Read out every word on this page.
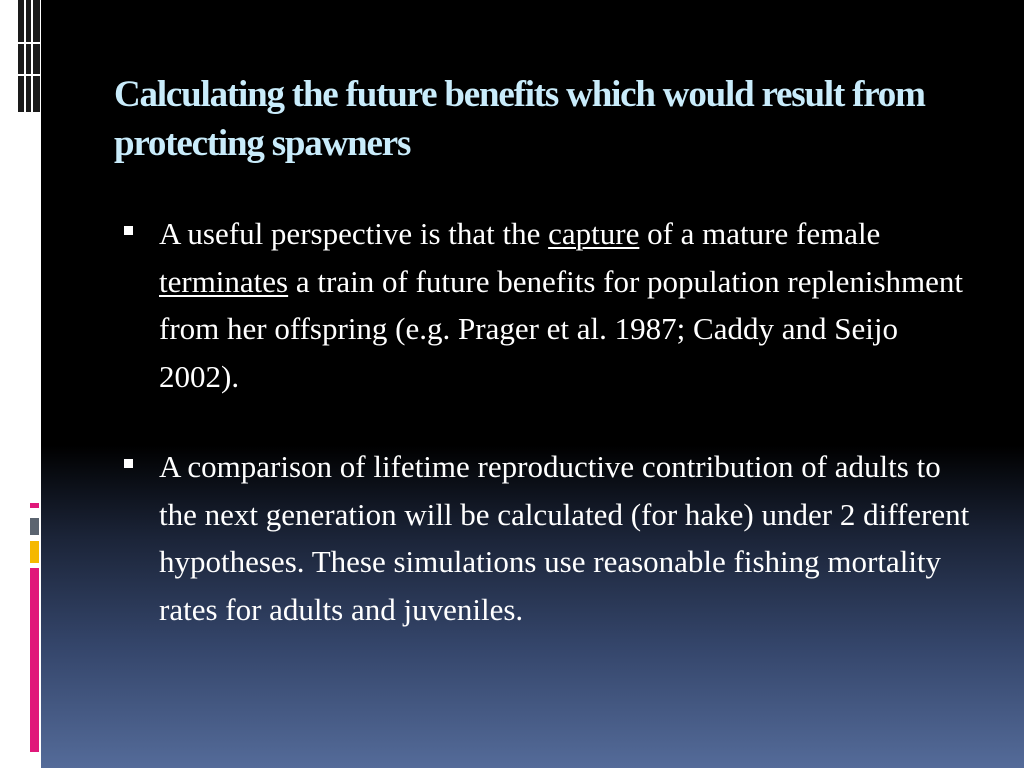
Calculating the future benefits which would result from protecting spawners
A useful perspective is that the capture of a mature female terminates a train of future benefits for population replenishment from her offspring (e.g. Prager et al. 1987; Caddy and Seijo 2002).
A comparison of lifetime reproductive contribution of adults to the next generation will be calculated (for hake) under 2 different hypotheses. These simulations use reasonable fishing mortality rates for adults and juveniles.
